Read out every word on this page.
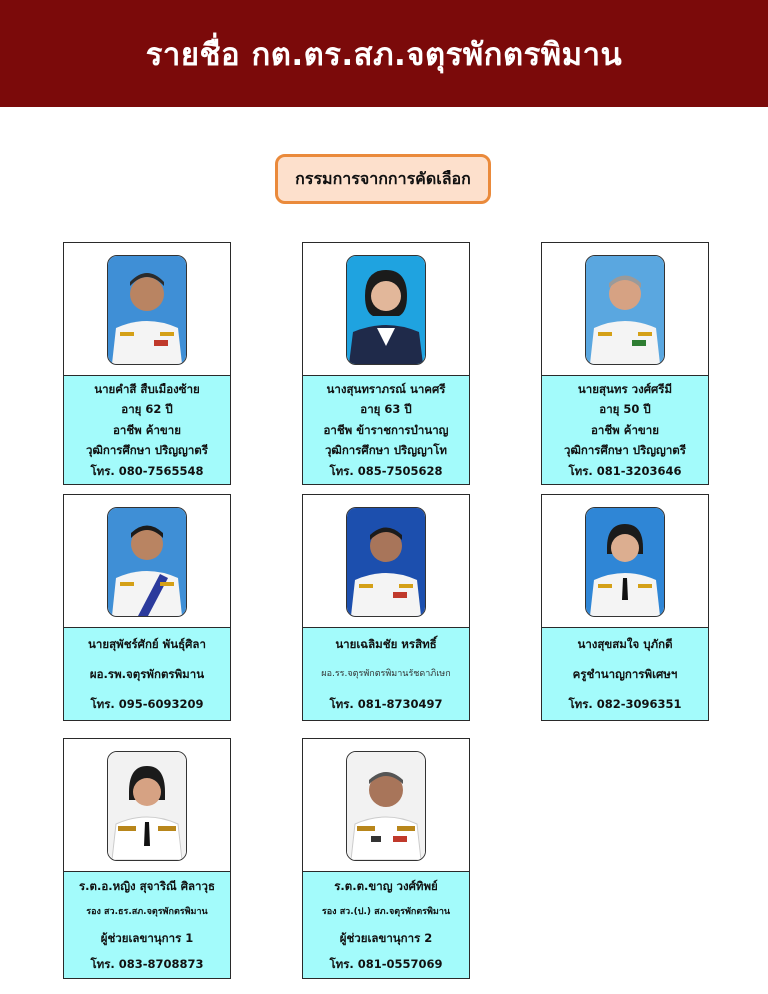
รายชื่อ กต.ตร.สภ.จตุรพักตรพิมาน
กรรมการจากการคัดเลือก
นายคำสี สืบเมืองซ้าย
อายุ 62 ปี
อาชีพ ค้าขาย
วุฒิการศึกษา ปริญญาตรี
โทร. 080-7565548
นางสุนทราภรณ์ นาคศรี
อายุ 63 ปี
อาชีพ ข้าราชการบำนาญ
วุฒิการศึกษา ปริญญาโท
โทร. 085-7505628
นายสุนทร วงศ์ศรีมี
อายุ 50 ปี
อาชีพ ค้าขาย
วุฒิการศึกษา ปริญญาตรี
โทร. 081-3203646
นายสุพัชร์ศักย์ พันธุ์ศิลา
ผอ.รพ.จตุรพักตรพิมาน
โทร. 095-6093209
นายเฉลิมชัย หรสิทธิ์
ผอ.รร.จตุรพักตรพิมานรัชดาภิเษก
โทร. 081-8730497
นางสุขสมใจ บุภักดี
ครูชำนาญการพิเศษฯ
โทร. 082-3096351
ร.ต.อ.หญิง สุจาริณี ศิลาวุธ
รอง สว.ธร.สภ.จตุรพักตรพิมาน
ผู้ช่วยเลขานุการ 1
โทร. 083-8708873
ร.ต.ต.ขาญ วงศ์ทิพย์
รอง สว.(ป.) สภ.จตุรพักตรพิมาน
ผู้ช่วยเลขานุการ 2
โทร. 081-0557069
